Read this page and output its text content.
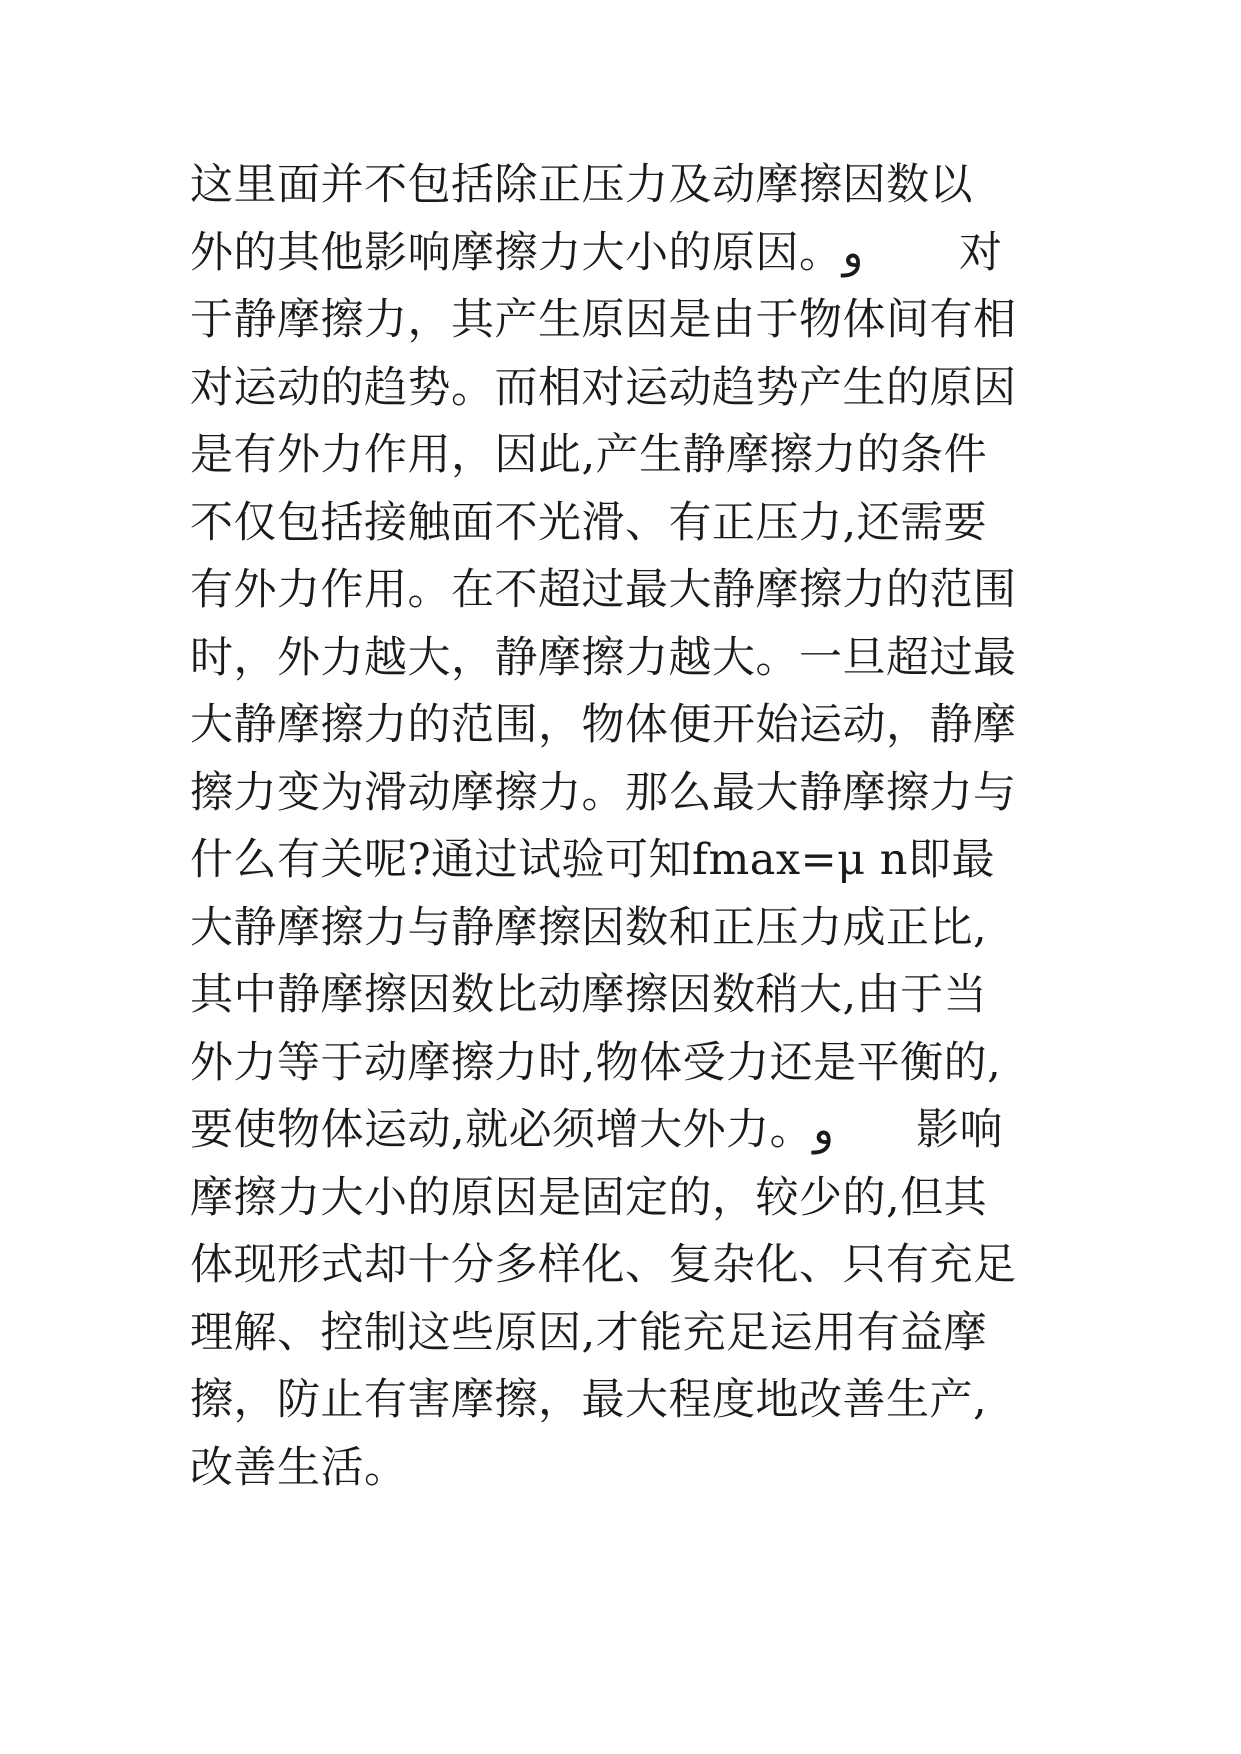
这里面并不包括除正压力及动摩擦因数以
外的其他影响摩擦力大小的原因。و       对
于静摩擦力，其产生原因是由于物体间有相
对运动的趋势。而相对运动趋势产生的原因
是有外力作用，因此,产生静摩擦力的条件
不仅包括接触面不光滑、有正压力,还需要
有外力作用。在不超过最大静摩擦力的范围
时，外力越大，静摩擦力越大。一旦超过最
大静摩擦力的范围，物体便开始运动，静摩
擦力变为滑动摩擦力。那么最大静摩擦力与
什么有关呢?通过试验可知fmax=μ n即最
大静摩擦力与静摩擦因数和正压力成正比,
其中静摩擦因数比动摩擦因数稍大,由于当
外力等于动摩擦力时,物体受力还是平衡的,
要使物体运动,就必须增大外力。و      影响
摩擦力大小的原因是固定的，较少的,但其
体现形式却十分多样化、复杂化、只有充足
理解、控制这些原因,才能充足运用有益摩
擦，防止有害摩擦，最大程度地改善生产,
改善生活。
